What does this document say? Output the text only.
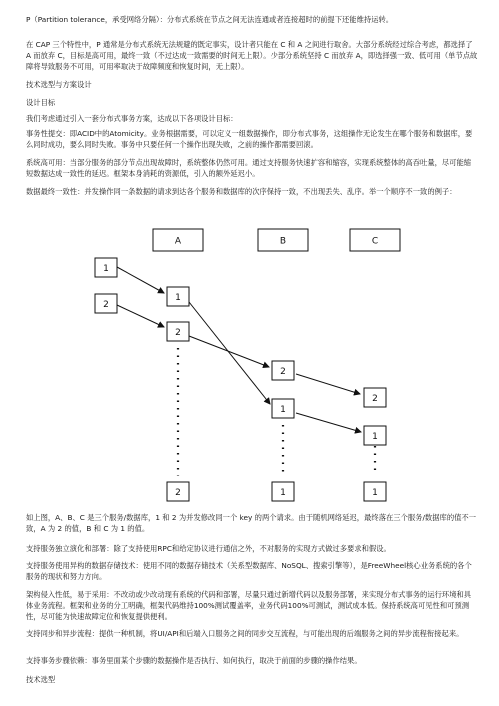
P（Partition tolerance，承受网络分隔）：分布式系统在节点之间无法连通或者连接超时的前提下还能维持运转。

在 CAP 三个特性中，P 通常是分布式系统无法规避的既定事实，设计者只能在 C 和 A 之间进行取舍。大部分系统经过综合考虑，都选择了 A 而放弃 C，目标是高可用，最终一致（不过达成一致需要的时间无上限）。少部分系统坚持 C 而放弃 A，即选择强一致、低可用（单节点故障将导致服务不可用，可用率取决于故障频度和恢复时间，无上限）。

技术选型与方案设计

设计目标

我们考虑通过引入一套分布式事务方案，达成以下各项设计目标：

事务性提交：即ACID中的Atomicity。业务根据需要，可以定义一组数据操作，即分布式事务，这组操作无论发生在哪个服务和数据库，要么同时成功，要么同时失败。事务中只要任何一个操作出现失败，之前的操作都需要回滚。

系统高可用：当部分服务的部分节点出现故障时，系统整体仍然可用。通过支持服务快速扩容和缩容，实现系统整体的高吞吐量，尽可能缩短数据达成一致性的延迟。框架本身消耗的资源低，引入的额外延迟小。

数据最终一致性：并发操作同一条数据的请求到达各个服务和数据库的次序保持一致，不出现丢失、乱序。举一个顺序不一致的例子：

A	B	C
1
2
1
2
2
2
1
1
2
1
1

如上图，A、B、C 是三个服务/数据库，1 和 2 为并发修改同一个 key 的两个请求。由于随机网络延迟，最终落在三个服务/数据库的值不一致，A 为 2 的值，B 和 C 为 1 的值。

支持服务独立演化和部署：除了支持使用RPC和给定协议进行通信之外，不对服务的实现方式做过多要求和假设。

支持服务使用异构的数据存储技术：使用不同的数据存储技术（关系型数据库、NoSQL、搜索引擎等），是FreeWheel核心业务系统的各个服务的现状和努力方向。

架构侵入性低，易于采用：不改动或少改动现有系统的代码和部署，尽量只通过新增代码以及服务部署，来实现分布式事务的运行环境和具体业务流程。框架和业务的分工明确，框架代码维持100%测试覆盖率，业务代码100%可测试，测试成本低。保持系统高可见性和可预测性，尽可能为快速故障定位和恢复提供便利。

支持同步和异步流程：提供一种机制，将UI/API和后端入口服务之间的同步交互流程，与可能出现的后端服务之间的异步流程衔接起来。

支持事务步骤依赖：事务里面某个步骤的数据操作是否执行、如何执行，取决于前面的步骤的操作结果。

技术选型
